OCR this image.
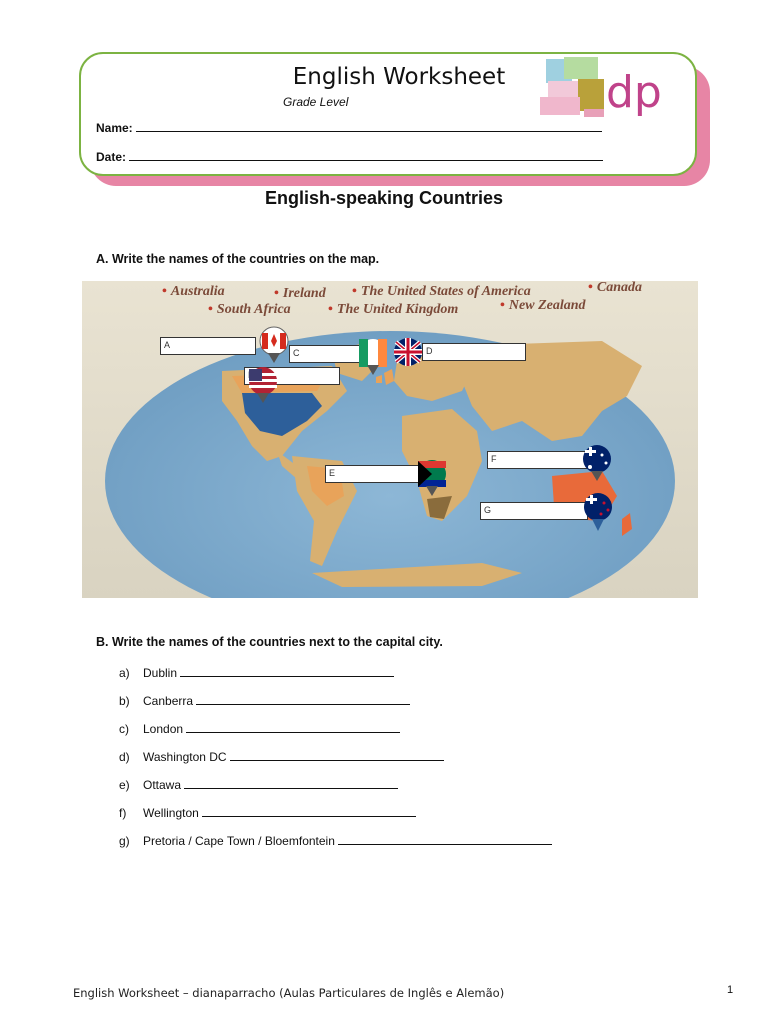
English Worksheet
Grade Level
Name:
Date:
dp
English-speaking Countries
A. Write the names of the countries on the map.
• Australia	• Ireland • The United States of America	• Canada
• South Africa	• The United Kingdom	• New Zealand
A
C	D
E
F
G
B. Write the names of the countries next to the capital city.
a) Dublin
b) Canberra
c) London
d) Washington DC
e) Ottawa
f) Wellington
g) Pretoria / Cape Town / Bloemfontein
English Worksheet – dianaparracho (Aulas Particulares de Inglês e Alemão)	1
